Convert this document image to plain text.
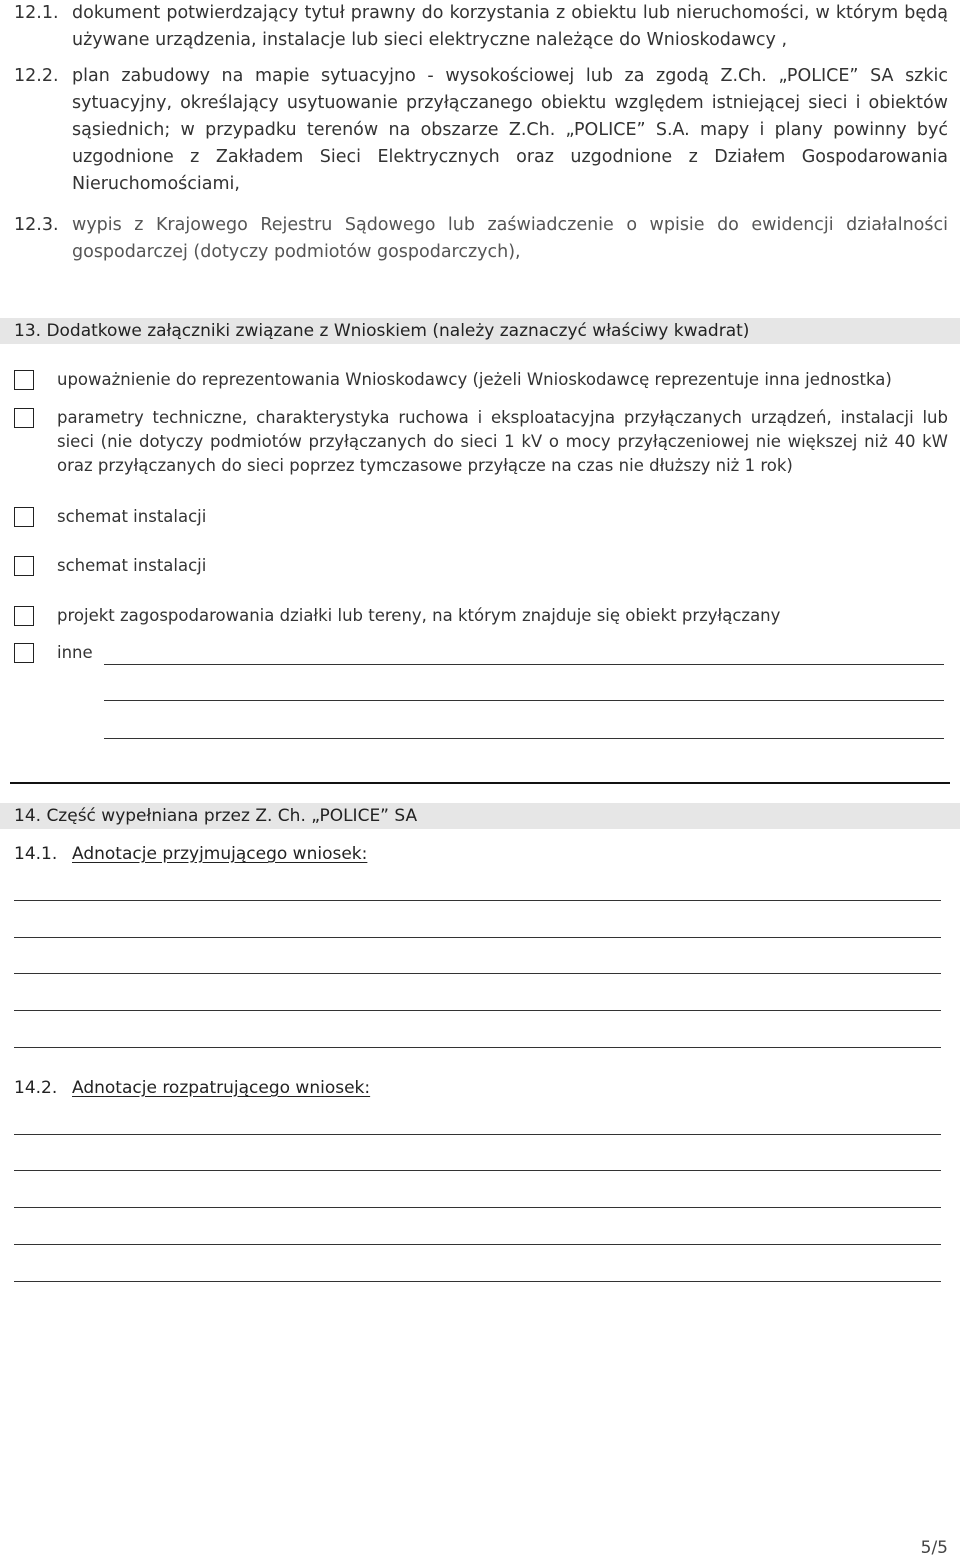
12.1. dokument potwierdzający tytuł prawny do korzystania z obiektu lub nieruchomości, w którym będą używane urządzenia, instalacje lub sieci elektryczne należące do Wnioskodawcy ,
12.2. plan zabudowy na mapie sytuacyjno - wysokościowej lub za zgodą Z.Ch. „POLICE” SA szkic sytuacyjny, określający usytuowanie przyłączanego obiektu względem istniejącej sieci i obiektów sąsiednich; w przypadku terenów na obszarze Z.Ch. „POLICE” S.A. mapy i plany powinny być uzgodnione z Zakładem Sieci Elektrycznych oraz uzgodnione z Działem Gospodarowania Nieruchomościami,
12.3. wypis z Krajowego Rejestru Sądowego lub zaświadczenie o wpisie do ewidencji działalności gospodarczej (dotyczy podmiotów gospodarczych),
13. Dodatkowe załączniki związane z Wnioskiem (należy zaznaczyć właściwy kwadrat)
upoważnienie do reprezentowania Wnioskodawcy (jeżeli Wnioskodawcę reprezentuje inna jednostka)
parametry techniczne, charakterystyka ruchowa i eksploatacyjna przyłączanych urządzeń, instalacji lub sieci (nie dotyczy podmiotów przyłączanych do sieci 1 kV o mocy przyłączeniowej nie większej niż 40 kW oraz przyłączanych do sieci poprzez tymczasowe przyłącze na czas nie dłuższy niż 1 rok)
schemat instalacji
schemat instalacji
projekt zagospodarowania działki lub tereny, na którym znajduje się obiekt przyłączany
inne
14. Część wypełniana przez Z. Ch. „POLICE” SA
14.1. Adnotacje przyjmującego wniosek:
14.2. Adnotacje rozpatrującego wniosek:
5/5
